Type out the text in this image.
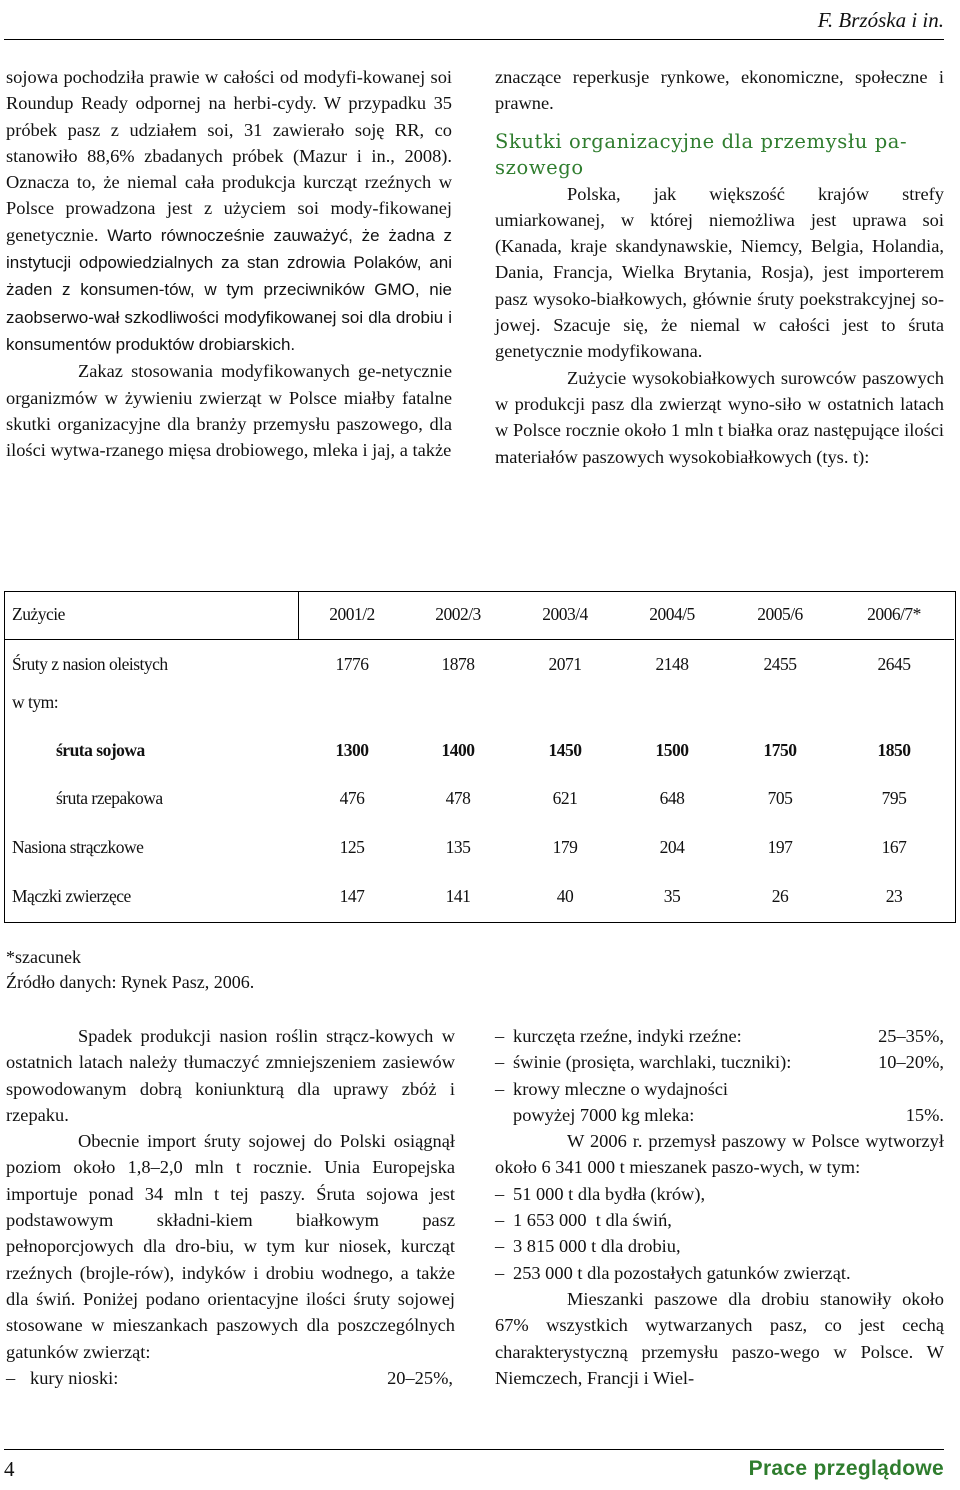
F. Brzóska i in.

sojowa pochodziła prawie w całości od modyfi-kowanej soi Roundup Ready odpornej na herbi-cydy. W przypadku 35 próbek pasz z udziałem soi, 31 zawierało soję RR, co stanowiło 88,6% zbadanych próbek (Mazur i in., 2008). Oznacza to, że niemal cała produkcja kurcząt rzeźnych w Polsce prowadzona jest z użyciem soi mody-fikowanej genetycznie. Warto równocześnie zauważyć, że żadna z instytucji odpowiedzialnych za stan zdrowia Polaków, ani żaden z konsumen-tów, w tym przeciwników GMO, nie zaobserwo-wał szkodliwości modyfikowanej soi dla drobiu i konsumentów produktów drobiarskich.

Zakaz stosowania modyfikowanych ge-netycznie organizmów w żywieniu zwierząt w Polsce miałby fatalne skutki organizacyjne dla branży przemysłu paszowego, dla ilości wytwa-rzanego mięsa drobiowego, mleka i jaj, a także

znaczące reperkusje rynkowe, ekonomiczne, społeczne i prawne.

Skutki organizacyjne dla przemysłu pa-szowego

Polska, jak większość krajów strefy umiarkowanej, w której niemożliwa jest uprawa soi (Kanada, kraje skandynawskie, Niemcy, Belgia, Holandia, Dania, Francja, Wielka Brytania, Rosja), jest importerem pasz wysoko-białkowych, głównie śruty poekstrakcyjnej so-jowej. Szacuje się, że niemal w całości jest to śruta genetycznie modyfikowana.

Zużycie wysokobiałkowych surowców paszowych w produkcji pasz dla zwierząt wyno-siło w ostatnich latach w Polsce rocznie około 1 mln t białka oraz następujące ilości materiałów paszowych wysokobiałkowych (tys. t):

Zużycie	2001/2	2002/3	2003/4	2004/5	2005/6	2006/7*
Śruty z nasion oleistych	1776	1878	2071	2148	2455	2645
w tym:
śruta sojowa	1300	1400	1450	1500	1750	1850
śruta rzepakowa	476	478	621	648	705	795
Nasiona strączkowe	125	135	179	204	197	167
Mączki zwierzęce	147	141	40	35	26	23
*szacunek
Źródło danych: Rynek Pasz, 2006.

Spadek produkcji nasion roślin strącz-kowych w ostatnich latach należy tłumaczyć zmniejszeniem zasiewów spowodowanym dobrą koniunkturą dla uprawy zbóż i rzepaku.

Obecnie import śruty sojowej do Polski osiągnął poziom około 1,8–2,0 mln t rocznie. Unia Europejska importuje ponad 34 mln t tej paszy. Śruta sojowa jest podstawowym składni-kiem białkowym pasz pełnoporcjowych dla dro-biu, w tym kur niosek, kurcząt rzeźnych (brojle-rów), indyków i drobiu wodnego, a także dla świń. Poniżej podano orientacyjne ilości śruty sojowej stosowane w mieszankach paszowych dla poszczególnych gatunków zwierząt:

– kury nioski:	20–25%,
– kurczęta rzeźne, indyki rzeźne:	25–35%,
– świnie (prosięta, warchlaki, tuczniki):	10–20%,
– krowy mleczne o wydajności
powyżej 7000 kg mleka:	15%.

W 2006 r. przemysł paszowy w Polsce wytworzył około 6 341 000 t mieszanek paszo-wych, w tym:

– 51 000 t dla bydła (krów),
– 1 653 000  t dla świń,
– 3 815 000 t dla drobiu,
– 253 000 t dla pozostałych gatunków zwierząt.

Mieszanki paszowe dla drobiu stanowiły około 67% wszystkich wytwarzanych pasz, co jest cechą charakterystyczną przemysłu paszo-wego w Polsce. W Niemczech, Francji i Wiel-

4	Prace przeglądowe
